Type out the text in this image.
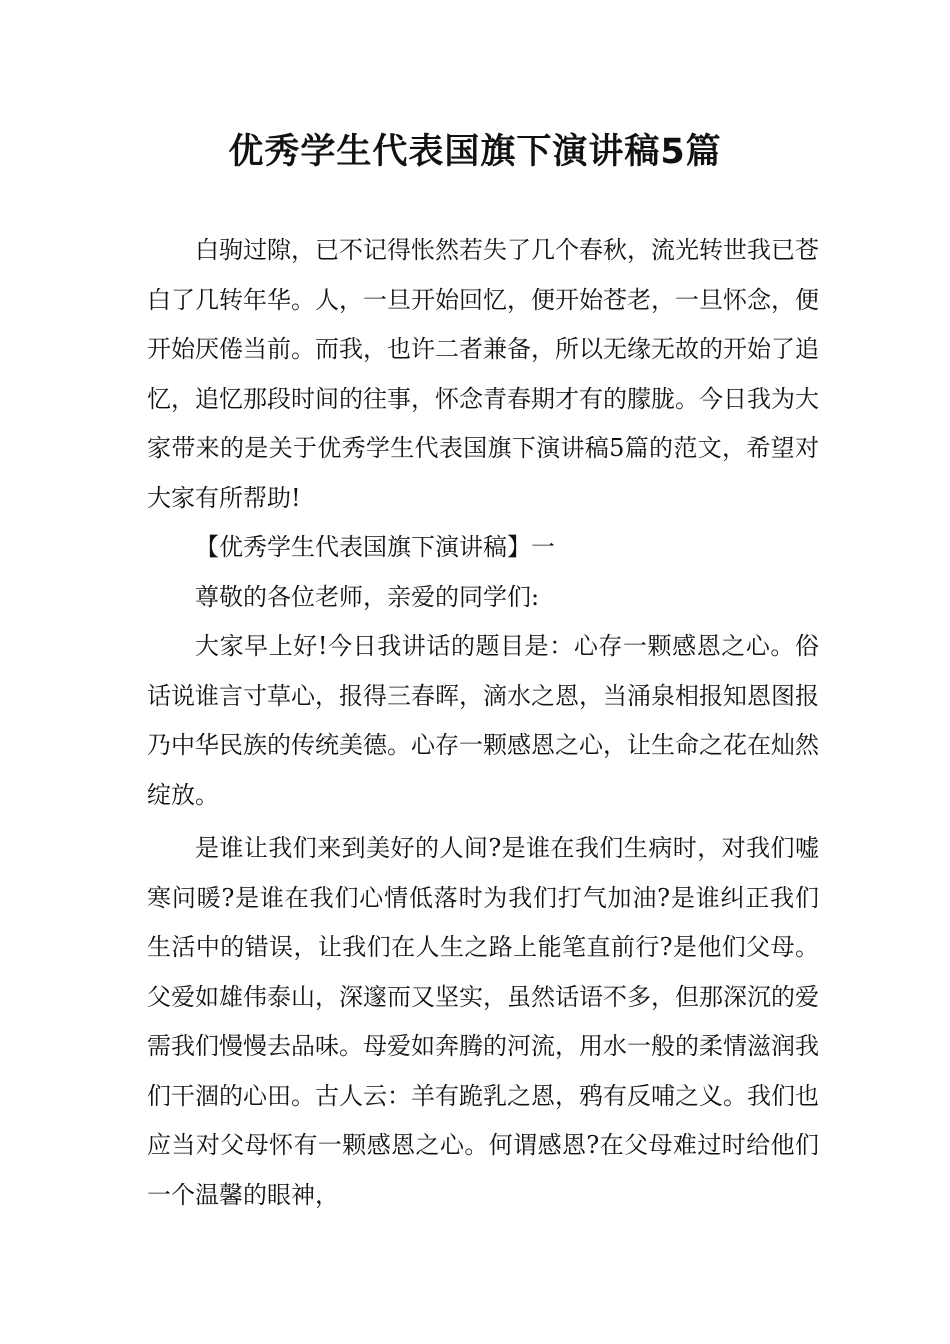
优秀学生代表国旗下演讲稿5篇

白驹过隙，已不记得怅然若失了几个春秋，流光转世我已苍白了几转年华。人，一旦开始回忆，便开始苍老，一旦怀念，便开始厌倦当前。而我，也许二者兼备，所以无缘无故的开始了追忆，追忆那段时间的往事，怀念青春期才有的朦胧。今日我为大家带来的是关于优秀学生代表国旗下演讲稿5篇的范文，希望对大家有所帮助!

【优秀学生代表国旗下演讲稿】一

尊敬的各位老师，亲爱的同学们:

大家早上好!今日我讲话的题目是：心存一颗感恩之心。俗话说谁言寸草心，报得三春晖，滴水之恩，当涌泉相报知恩图报乃中华民族的传统美德。心存一颗感恩之心，让生命之花在灿然绽放。

是谁让我们来到美好的人间?是谁在我们生病时，对我们嘘寒问暖?是谁在我们心情低落时为我们打气加油?是谁纠正我们生活中的错误，让我们在人生之路上能笔直前行?是他们父母。父爱如雄伟泰山，深邃而又坚实，虽然话语不多，但那深沉的爱需我们慢慢去品味。母爱如奔腾的河流，用水一般的柔情滋润我们干涸的心田。古人云：羊有跪乳之恩，鸦有反哺之义。我们也应当对父母怀有一颗感恩之心。何谓感恩?在父母难过时给他们一个温馨的眼神，
